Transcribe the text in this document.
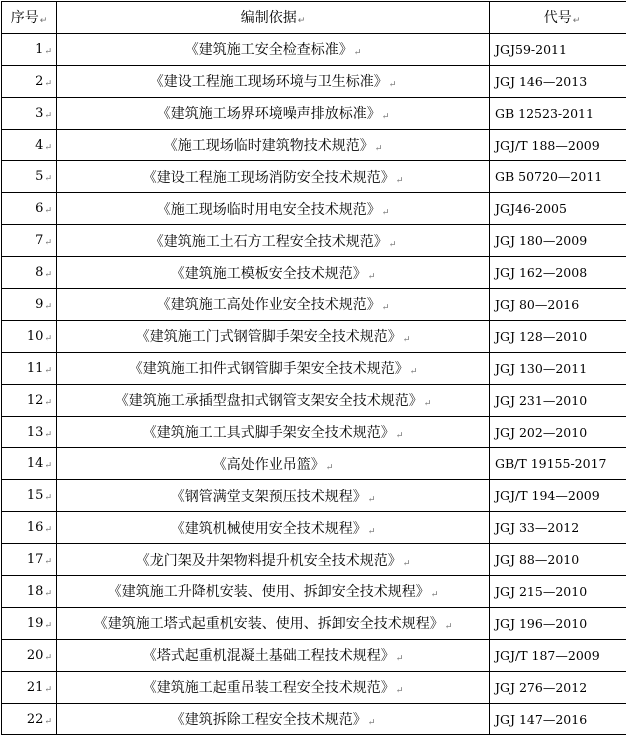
序号↵	编制依据↵	代号↵
1↵	《建筑施工安全检查标准》↵	JGJ59-2011
2↵	《建设工程施工现场环境与卫生标准》↵	JGJ 146—2013
3↵	《建筑施工场界环境噪声排放标准》↵	GB 12523-2011
4↵	《施工现场临时建筑物技术规范》↵	JGJ/T 188—2009
5↵	《建设工程施工现场消防安全技术规范》↵	GB 50720—2011
6↵	《施工现场临时用电安全技术规范》↵	JGJ46-2005
7↵	《建筑施工土石方工程安全技术规范》↵	JGJ 180—2009
8↵	《建筑施工模板安全技术规范》↵	JGJ 162—2008
9↵	《建筑施工高处作业安全技术规范》↵	JGJ 80—2016
10↵	《建筑施工门式钢管脚手架安全技术规范》↵	JGJ 128—2010
11↵	《建筑施工扣件式钢管脚手架安全技术规范》↵	JGJ 130—2011
12↵	《建筑施工承插型盘扣式钢管支架安全技术规范》↵	JGJ 231—2010
13↵	《建筑施工工具式脚手架安全技术规范》↵	JGJ 202—2010
14↵	《高处作业吊篮》↵	GB/T 19155-2017
15↵	《钢管满堂支架预压技术规程》↵	JGJ/T 194—2009
16↵	《建筑机械使用安全技术规程》↵	JGJ 33—2012
17↵	《龙门架及井架物料提升机安全技术规范》↵	JGJ 88—2010
18↵	《建筑施工升降机安装、使用、拆卸安全技术规程》↵	JGJ 215—2010
19↵	《建筑施工塔式起重机安装、使用、拆卸安全技术规程》↵	JGJ 196—2010
20↵	《塔式起重机混凝土基础工程技术规程》↵	JGJ/T 187—2009
21↵	《建筑施工起重吊装工程安全技术规范》↵	JGJ 276—2012
22↵	《建筑拆除工程安全技术规范》↵	JGJ 147—2016
